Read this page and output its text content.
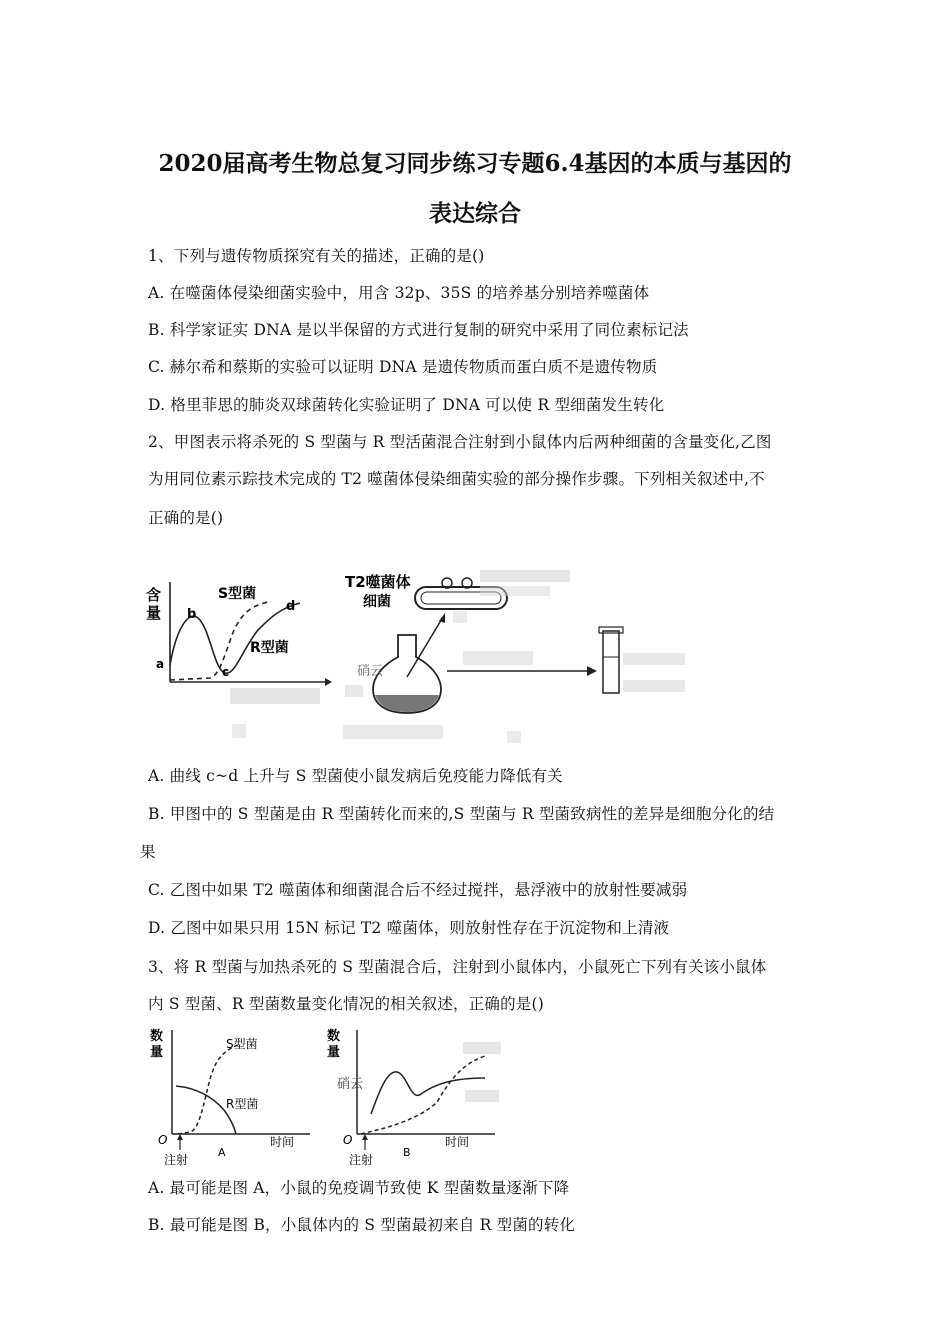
2020届高考生物总复习同步练习专题6.4基因的本质与基因的
表达综合
1、下列与遗传物质探究有关的描述，正确的是()
A. 在噬菌体侵染细菌实验中，用含 32p、35S 的培养基分别培养噬菌体
B. 科学家证实 DNA 是以半保留的方式进行复制的研究中采用了同位素标记法
C. 赫尔希和蔡斯的实验可以证明 DNA 是遗传物质而蛋白质不是遗传物质
D. 格里菲思的肺炎双球菌转化实验证明了 DNA 可以使 R 型细菌发生转化
2、甲图表示将杀死的 S 型菌与 R 型活菌混合注射到小鼠体内后两种细菌的含量变化,乙图
为用同位素示踪技术完成的 T2 噬菌体侵染细菌实验的部分操作步骤。下列相关叙述中,不
正确的是()
含
量
S型菌
R型菌
a
b
c
d
T2噬菌体
细菌
硝云
A. 曲线 c~d 上升与 S 型菌使小鼠发病后免疫能力降低有关
B. 甲图中的 S 型菌是由 R 型菌转化而来的,S 型菌与 R 型菌致病性的差异是细胞分化的结
果
C. 乙图中如果 T2 噬菌体和细菌混合后不经过搅拌，悬浮液中的放射性要减弱
D. 乙图中如果只用 15N 标记 T2 噬菌体，则放射性存在于沉淀物和上清液
3、将 R 型菌与加热杀死的 S 型菌混合后，注射到小鼠体内，小鼠死亡下列有关该小鼠体
内 S 型菌、R 型菌数量变化情况的相关叙述，正确的是()
数
量
S型菌
R型菌
O	时间
A
注射
数
量
硝云
O	时间
B
注射
A. 最可能是图 A，小鼠的免疫调节致使 K 型菌数量逐渐下降
B. 最可能是图 B，小鼠体内的 S 型菌最初来自 R 型菌的转化
